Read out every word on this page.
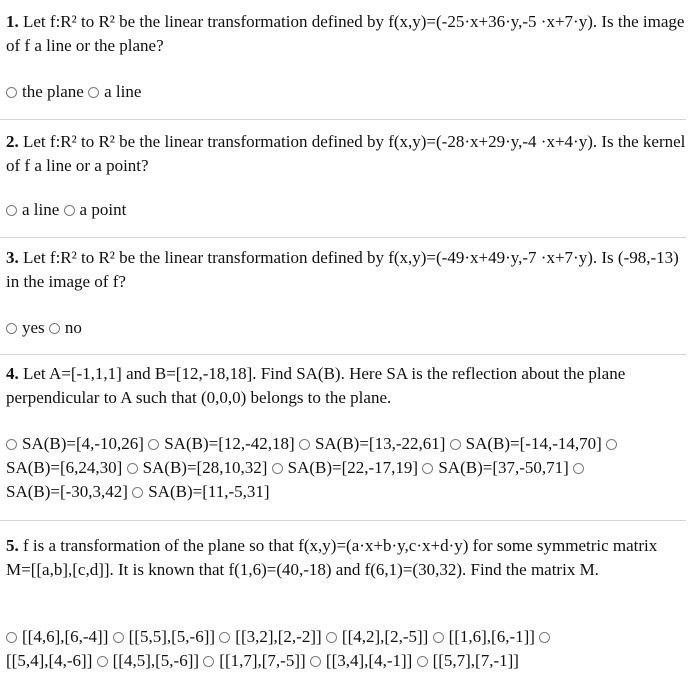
1. Let f:R² to R² be the linear transformation defined by f(x,y)=(-25·x+36·y,-5 ·x+7·y). Is the image of f a line or the plane?
the plane a line
2. Let f:R² to R² be the linear transformation defined by f(x,y)=(-28·x+29·y,-4 ·x+4·y). Is the kernel of f a line or a point?
a line a point
3. Let f:R² to R² be the linear transformation defined by f(x,y)=(-49·x+49·y,-7 ·x+7·y). Is (-98,-13) in the image of f?
yes no
4. Let A=[-1,1,1] and B=[12,-18,18]. Find SA(B). Here SA is the reflection about the plane perpendicular to A such that (0,0,0) belongs to the plane.
SA(B)=[4,-10,26] SA(B)=[12,-42,18] SA(B)=[13,-22,61] SA(B)=[-14,-14,70]
SA(B)=[6,24,30] SA(B)=[28,10,32] SA(B)=[22,-17,19] SA(B)=[37,-50,71]
SA(B)=[-30,3,42] SA(B)=[11,-5,31]
5. f is a transformation of the plane so that f(x,y)=(a·x+b·y,c·x+d·y) for some symmetric matrix M=[[a,b],[c,d]]. It is known that f(1,6)=(40,-18) and f(6,1)=(30,32). Find the matrix M.
[[4,6],[6,-4]] [[5,5],[5,-6]] [[3,2],[2,-2]] [[4,2],[2,-5]] [[1,6],[6,-1]]
[[5,4],[4,-6]] [[4,5],[5,-6]] [[1,7],[7,-5]] [[3,4],[4,-1]] [[5,7],[7,-1]]
